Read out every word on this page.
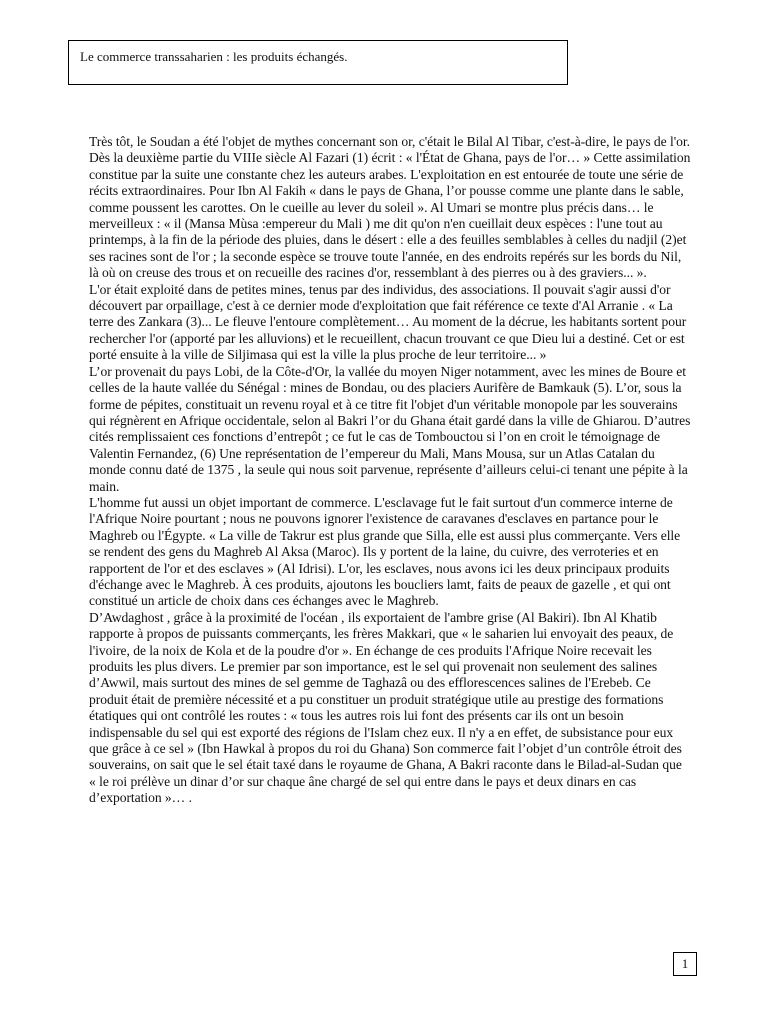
Le commerce transsaharien : les produits échangés.

Très tôt, le Soudan a été l'objet de mythes concernant son or, c'était le Bilal Al Tibar, c'est-à-dire, le pays de l'or. Dès la deuxième partie du VIIIe siècle Al Fazari (1) écrit : « l'État de Ghana, pays de l'or… » Cette assimilation constitue par la suite une constante chez les auteurs arabes. L'exploitation en est entourée de toute une série de récits extraordinaires. Pour Ibn Al Fakih « dans le pays de Ghana, l’or pousse comme une plante dans le sable, comme poussent les carottes. On le cueille au lever du soleil ». Al Umari se montre plus précis dans… le merveilleux : « il (Mansa Mùsa :empereur du Mali ) me dit qu'on n'en cueillait deux espèces : l'une tout au printemps, à la fin de la période des pluies, dans le désert : elle a des feuilles semblables à celles du nadjil (2)et ses racines sont de l'or ; la seconde espèce se trouve toute l'année, en des endroits repérés sur les bords du Nil, là où on creuse des trous et on recueille des racines d'or, ressemblant à des pierres ou à des graviers... ».

L'or était exploité dans de petites mines, tenus par des individus, des associations. Il pouvait s'agir aussi d'or découvert par orpaillage, c'est à ce dernier mode d'exploitation que fait référence ce texte d'Al Arranie . « La terre des Zankara (3)... Le fleuve l'entoure complètement… Au moment de la décrue, les habitants sortent pour rechercher l'or (apporté par les alluvions) et le recueillent, chacun trouvant ce que Dieu lui a destiné. Cet or est porté ensuite à la ville de Siljimasa qui est la ville la plus proche de leur territoire... »

L’or provenait du pays Lobi, de la Côte-d'Or, la vallée du moyen Niger notamment, avec les mines de Boure et celles de la haute vallée du Sénégal : mines de Bondau, ou des placiers Aurifère de Bamkauk (5). L’or, sous la forme de pépites, constituait un revenu royal et à ce titre fit l'objet d'un véritable monopole par les souverains qui régnèrent en Afrique occidentale, selon al Bakri l’or du Ghana était gardé dans la ville de Ghiarou. D’autres cités remplissaient ces fonctions d’entrepôt ; ce fut le cas de Tombouctou si l’on en croit le témoignage de Valentin Fernandez, (6) Une représentation de l’empereur du Mali, Mans Mousa, sur un Atlas Catalan du monde connu daté de 1375 , la seule qui nous soit parvenue, représente d’ailleurs celui-ci tenant une pépite à la main.

L'homme fut aussi un objet important de commerce. L'esclavage fut le fait surtout d'un commerce interne de l'Afrique Noire pourtant ; nous ne pouvons ignorer l'existence de caravanes d'esclaves en partance pour le Maghreb ou l'Égypte. « La ville de Takrur est plus grande que Silla, elle est aussi plus commerçante. Vers elle se rendent des gens du Maghreb Al Aksa (Maroc). Ils y portent de la laine, du cuivre, des verroteries et en rapportent de l'or et des esclaves » (Al Idrisi). L'or, les esclaves, nous avons ici les deux principaux produits d'échange avec le Maghreb. À ces produits, ajoutons les boucliers lamt, faits de peaux de gazelle , et qui ont constitué un article de choix dans ces échanges avec le Maghreb.

D’Awdaghost , grâce à la proximité de l'océan , ils exportaient de l'ambre grise (Al Bakiri). Ibn Al Khatib rapporte à propos de puissants commerçants, les frères Makkari, que « le saharien lui envoyait des peaux, de l'ivoire, de la noix de Kola et de la poudre d'or ». En échange de ces produits l'Afrique Noire recevait les produits les plus divers. Le premier par son importance, est le sel qui provenait non seulement des salines d’Awwil, mais surtout des mines de sel gemme de Taghazâ ou des efflorescences salines de l'Erebeb. Ce produit était de première nécessité et a pu constituer un produit stratégique utile au prestige des formations étatiques qui ont contrôlé les routes : « tous les autres rois lui font des présents car ils ont un besoin indispensable du sel qui est exporté des régions de l'Islam chez eux. Il n'y a en effet, de subsistance pour eux que grâce à ce sel » (Ibn Hawkal à propos du roi du Ghana) Son commerce fait l’objet d’un contrôle étroit des souverains, on sait que le sel était taxé dans le royaume de Ghana, A Bakri raconte dans le Bilad-al-Sudan que « le roi prélève un dinar d’or sur chaque âne chargé de sel qui entre dans le pays et deux dinars en cas d’exportation »… .

1
